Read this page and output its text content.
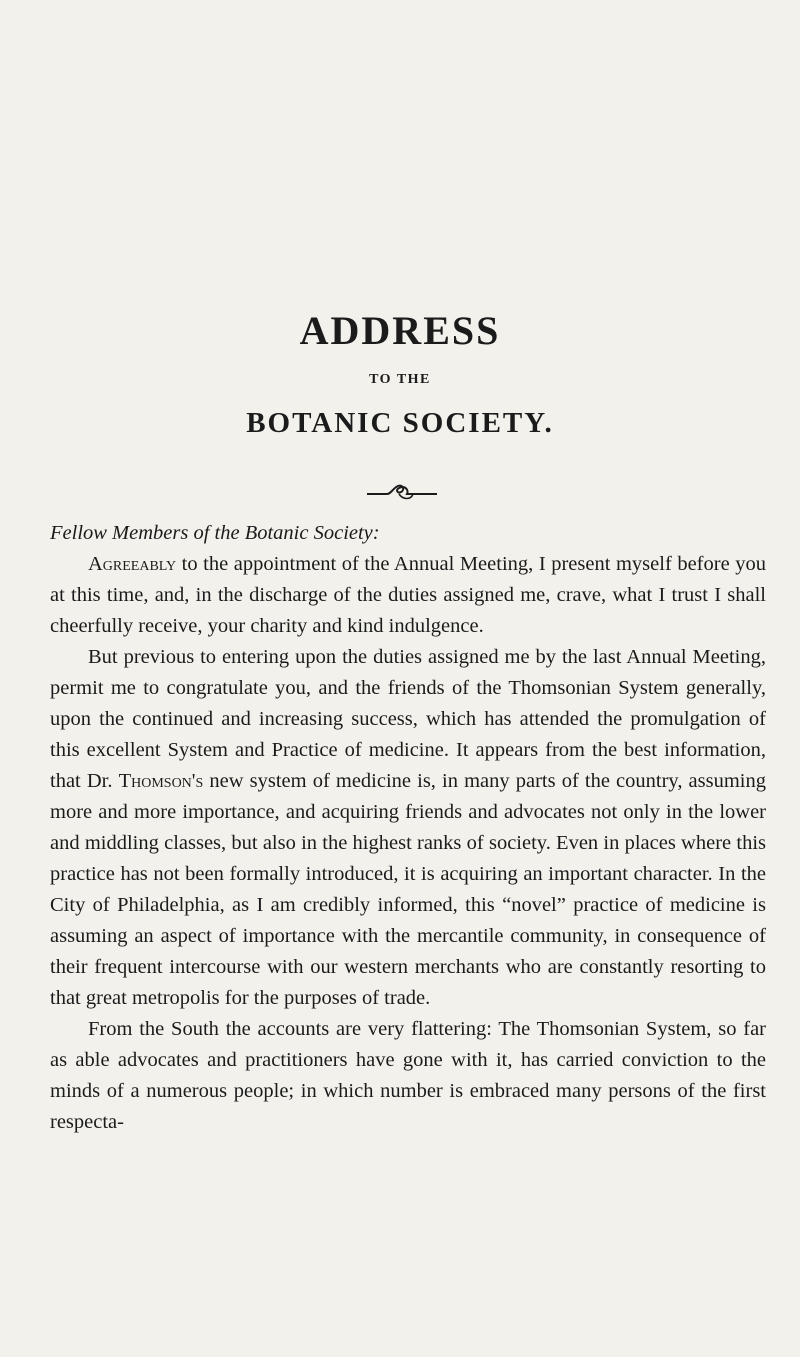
ADDRESS
TO THE
BOTANIC SOCIETY.

Fellow Members of the Botanic Society:

Agreeably to the appointment of the Annual Meeting, I present myself before you at this time, and, in the discharge of the duties assigned me, crave, what I trust I shall cheerfully receive, your charity and kind indulgence.

But previous to entering upon the duties assigned me by the last Annual Meeting, permit me to congratulate you, and the friends of the Thomsonian System generally, upon the continued and increasing success, which has attended the promulgation of this excellent System and Practice of medicine. It appears from the best information, that Dr. Thomson's new system of medicine is, in many parts of the country, assuming more and more importance, and acquiring friends and advocates not only in the lower and middling classes, but also in the highest ranks of society. Even in places where this practice has not been formally introduced, it is acquiring an important character. In the City of Philadelphia, as I am credibly informed, this “novel” practice of medicine is assuming an aspect of importance with the mercantile community, in consequence of their frequent intercourse with our western merchants who are constantly resorting to that great metropolis for the purposes of trade.

From the South the accounts are very flattering: The Thomsonian System, so far as able advocates and practitioners have gone with it, has carried conviction to the minds of a numerous people; in which number is embraced many persons of the first respecta-
